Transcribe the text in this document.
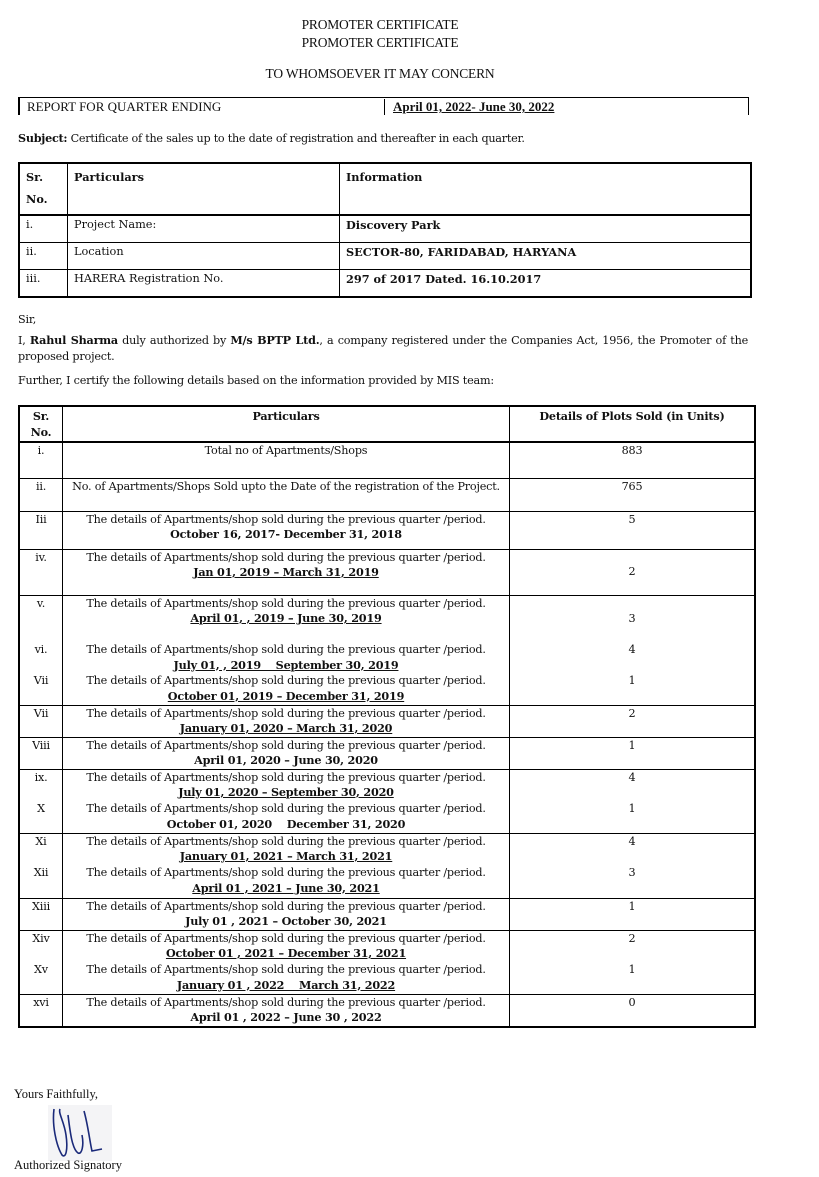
PROMOTER CERTIFICATE
PROMOTER CERTIFICATE
TO WHOMSOEVER IT MAY CONCERN
REPORT FOR QUARTER ENDING	April 01, 2022- June 30, 2022
Subject: Certificate of the sales up to the date of registration and thereafter in each quarter.
Sr.
No.	Particulars	Information
i.	Project Name:	Discovery Park
ii.	Location	SECTOR-80, FARIDABAD, HARYANA
iii.	HARERA Registration No.	297 of 2017 Dated. 16.10.2017
Sir,
I, Rahul Sharma duly authorized by M/s BPTP Ltd., a company registered under the Companies Act, 1956, the Promoter of the proposed project.
Further, I certify the following details based on the information provided by MIS team:
Sr.
No.	Particulars	Details of Plots Sold (in Units)
i.	Total no of Apartments/Shops	883
ii.	No. of Apartments/Shops Sold upto the Date of the registration of the Project.	765
Iii	The details of Apartments/shop sold during the previous quarter /period. October 16, 2017- December 31, 2018	5
iv.	The details of Apartments/shop sold during the previous quarter /period. Jan 01, 2019 – March 31, 2019	2
v.	The details of Apartments/shop sold during the previous quarter /period. April 01, , 2019 – June 30, 2019	3
vi.	The details of Apartments/shop sold during the previous quarter /period. July 01, , 2019    September 30, 2019	4
Vii	The details of Apartments/shop sold during the previous quarter /period. October 01, 2019 – December 31, 2019	1
Vii	The details of Apartments/shop sold during the previous quarter /period. January 01, 2020 – March 31, 2020	2
Viii	The details of Apartments/shop sold during the previous quarter /period. April 01, 2020 – June 30, 2020	1
ix.	The details of Apartments/shop sold during the previous quarter /period. July 01, 2020 – September 30, 2020	4
X	The details of Apartments/shop sold during the previous quarter /period. October 01, 2020    December 31, 2020	1
Xi	The details of Apartments/shop sold during the previous quarter /period. January 01, 2021 – March 31, 2021	4
Xii	The details of Apartments/shop sold during the previous quarter /period. April 01 , 2021 – June 30, 2021	3
Xiii	The details of Apartments/shop sold during the previous quarter /period. July 01 , 2021 – October 30, 2021	1
Xiv	The details of Apartments/shop sold during the previous quarter /period. October 01 , 2021 – December 31, 2021	2
Xv	The details of Apartments/shop sold during the previous quarter /period. January 01 , 2022    March 31, 2022	1
xvi	The details of Apartments/shop sold during the previous quarter /period. April 01 , 2022 – June 30 , 2022	0
Yours Faithfully,
Authorized Signatory
